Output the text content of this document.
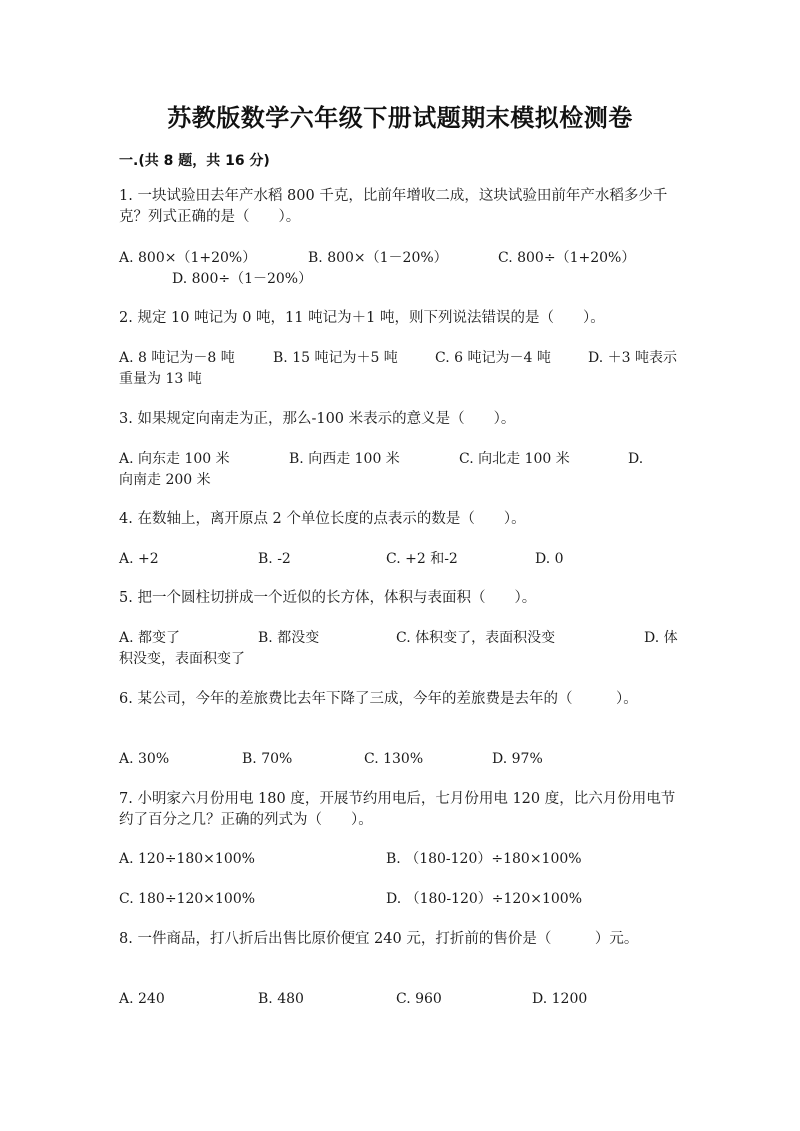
苏教版数学六年级下册试题期末模拟检测卷
一.(共 8 题，共 16 分)
1. 一块试验田去年产水稻 800 千克，比前年增收二成，这块试验田前年产水稻多少千克？列式正确的是（　　）。
A. 800×（1+20%）	B. 800×（1－20%）	C. 800÷（1+20%）
D. 800÷（1－20%）
2. 规定 10 吨记为 0 吨，11 吨记为＋1 吨，则下列说法错误的是（　　）。
A. 8 吨记为－8 吨	B. 15 吨记为＋5 吨	C. 6 吨记为－4 吨	D. ＋3 吨表示重量为 13 吨
3. 如果规定向南走为正，那么-100 米表示的意义是（　　）。
A. 向东走 100 米	B. 向西走 100 米	C. 向北走 100 米	D. 向南走 200 米
4. 在数轴上，离开原点 2 个单位长度的点表示的数是（　　）。
A. +2	B. -2	C. +2 和-2	D. 0
5. 把一个圆柱切拼成一个近似的长方体，体积与表面积（　　）。
A. 都变了	B. 都没变	C. 体积变了，表面积没变	D. 体积没变，表面积变了
6. 某公司，今年的差旅费比去年下降了三成，今年的差旅费是去年的（　　　）。
A. 30%	B. 70%	C. 130%	D. 97%
7. 小明家六月份用电 180 度，开展节约用电后，七月份用电 120 度，比六月份用电节约了百分之几？正确的列式为（　　）。
A. 120÷180×100%	B. （180-120）÷180×100%
C. 180÷120×100%	D. （180-120）÷120×100%
8. 一件商品，打八折后出售比原价便宜 240 元，打折前的售价是（　　　）元。
A. 240	B. 480	C. 960	D. 1200
